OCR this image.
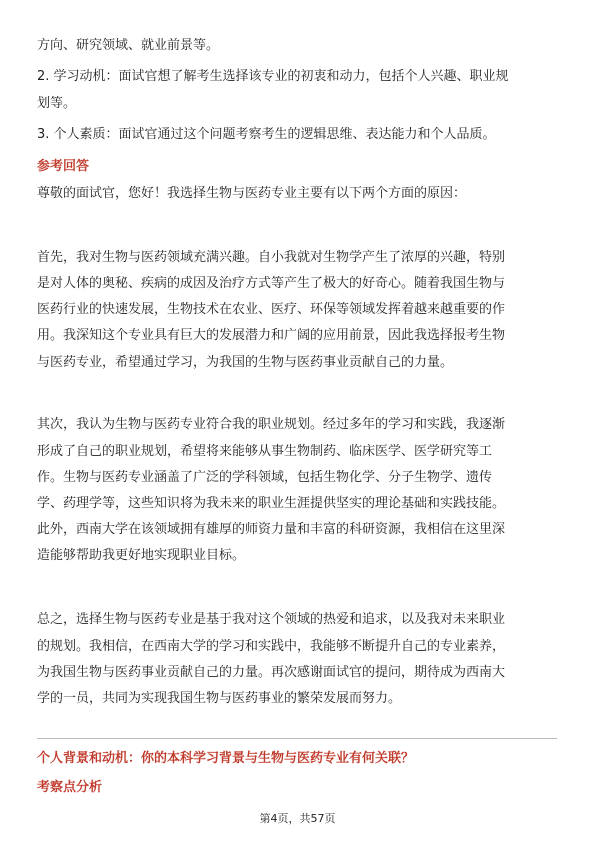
方向、研究领域、就业前景等。
2. 学习动机：面试官想了解考生选择该专业的初衷和动力，包括个人兴趣、职业规
划等。
3. 个人素质：面试官通过这个问题考察考生的逻辑思维、表达能力和个人品质。
参考回答
尊敬的面试官，您好！我选择生物与医药专业主要有以下两个方面的原因：
首先，我对生物与医药领域充满兴趣。自小我就对生物学产生了浓厚的兴趣，特别
是对人体的奥秘、疾病的成因及治疗方式等产生了极大的好奇心。随着我国生物与
医药行业的快速发展，生物技术在农业、医疗、环保等领域发挥着越来越重要的作
用。我深知这个专业具有巨大的发展潜力和广阔的应用前景，因此我选择报考生物
与医药专业，希望通过学习，为我国的生物与医药事业贡献自己的力量。
其次，我认为生物与医药专业符合我的职业规划。经过多年的学习和实践，我逐渐
形成了自己的职业规划，希望将来能够从事生物制药、临床医学、医学研究等工
作。生物与医药专业涵盖了广泛的学科领域，包括生物化学、分子生物学、遗传
学、药理学等，这些知识将为我未来的职业生涯提供坚实的理论基础和实践技能。
此外，西南大学在该领域拥有雄厚的师资力量和丰富的科研资源，我相信在这里深
造能够帮助我更好地实现职业目标。
总之，选择生物与医药专业是基于我对这个领域的热爱和追求，以及我对未来职业
的规划。我相信，在西南大学的学习和实践中，我能够不断提升自己的专业素养，
为我国生物与医药事业贡献自己的力量。再次感谢面试官的提问，期待成为西南大
学的一员，共同为实现我国生物与医药事业的繁荣发展而努力。
个人背景和动机：你的本科学习背景与生物与医药专业有何关联？
考察点分析
第4页，共57页
